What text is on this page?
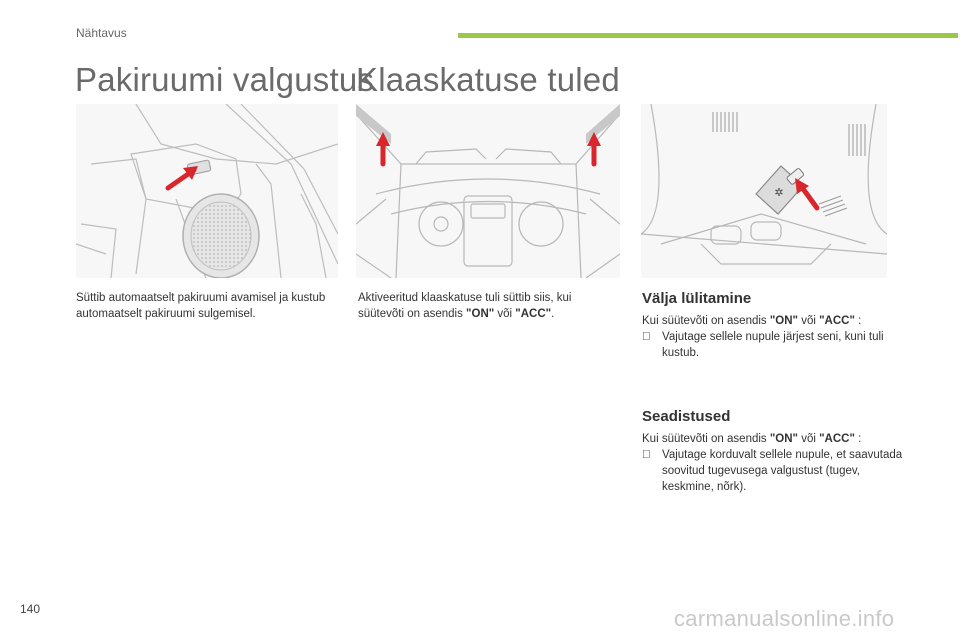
Nähtavus
Pakiruumi valgustus
Klaaskatuse tuled
✲
Süttib automaatselt pakiruumi avamisel ja kustub automaatselt pakiruumi sulgemisel.
Aktiveeritud klaaskatuse tuli süttib siis, kui süütevõti on asendis "ON" või "ACC".
Välja lülitamine
Kui süütevõti on asendis "ON" või "ACC" :
Vajutage sellele nupule järjest seni, kuni tuli kustub.
Seadistused
Kui süütevõti on asendis "ON" või "ACC" :
Vajutage korduvalt sellele nupule, et saavutada soovitud tugevusega valgustust (tugev, keskmine, nõrk).
140	carmanualsonline.info
